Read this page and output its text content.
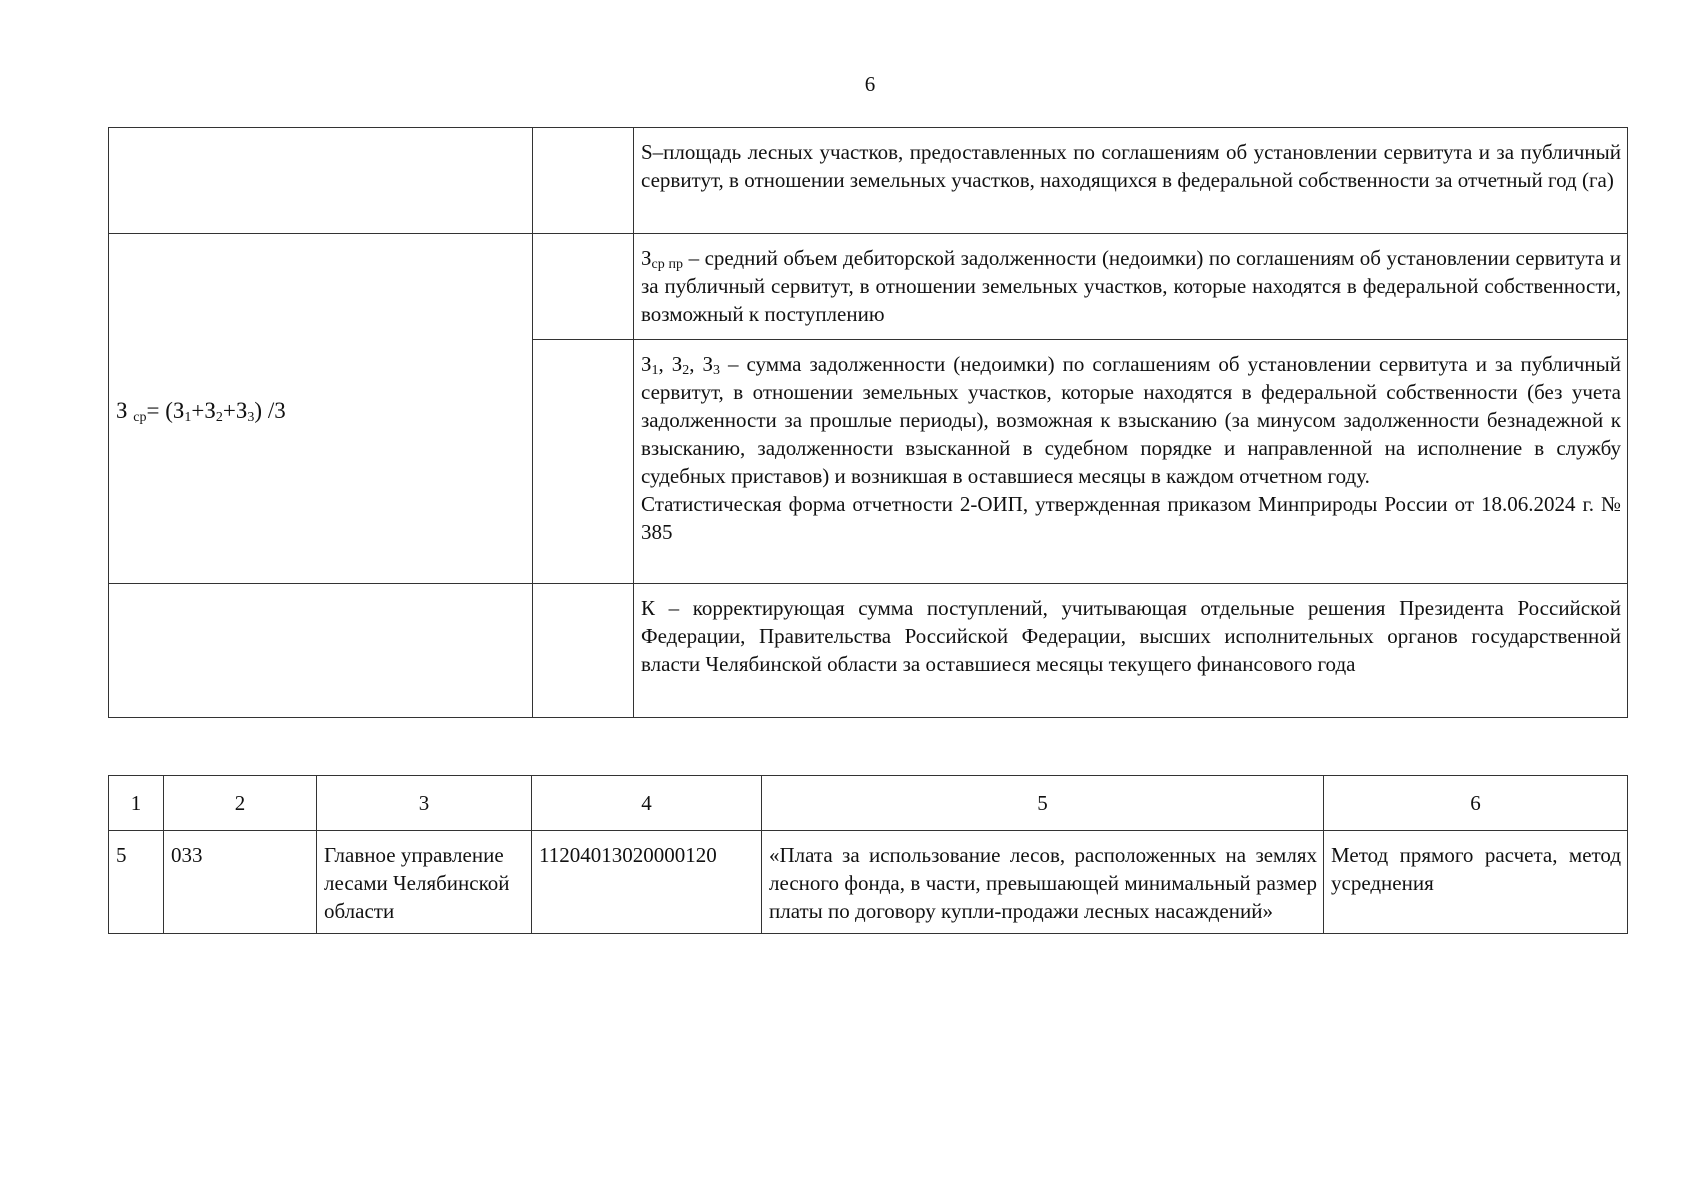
6
		S–площадь лесных участков, предоставленных по соглашениям об установлении сервитута и за публичный сервитут, в отношении земельных участков, находящихся в федеральной собственности за отчетный год (га)
З $_{ср}= (З_1+З_2+З_3)$ /3		$З_{ср пр}$ – средний объем дебиторской задолженности (недоимки) по соглашениям об установлении сервитута и за публичный сервитут, в отношении земельных участков, которые находятся в федеральной собственности, возможный к поступлению
		$З_1$, $З_2$, $З_3$ – сумма задолженности (недоимки) по соглашениям об установлении сервитута и за публичный сервитут, в отношении земельных участков, которые находятся в федеральной собственности (без учета задолженности за прошлые периоды), возможная к взысканию (за минусом задолженности безнадежной к взысканию, задолженности взысканной в судебном порядке и направленной на исполнение в службу судебных приставов) и возникшая в оставшиеся месяцы в каждом отчетном году.
Статистическая форма отчетности 2-ОИП, утвержденная приказом Минприроды России от 18.06.2024 г. № 385
		К – корректирующая сумма поступлений, учитывающая отдельные решения Президента Российской Федерации, Правительства Российской Федерации, высших исполнительных органов государственной власти Челябинской области за оставшиеся месяцы текущего финансового года
1	2	3	4	5	6
5	033	Главное управление лесами Челябинской области	11204013020000120	«Плата за использование лесов, расположенных на землях лесного фонда, в части, превышающей минимальный размер платы по договору купли-продажи лесных насаждений»	Метод прямого расчета, метод усреднения
